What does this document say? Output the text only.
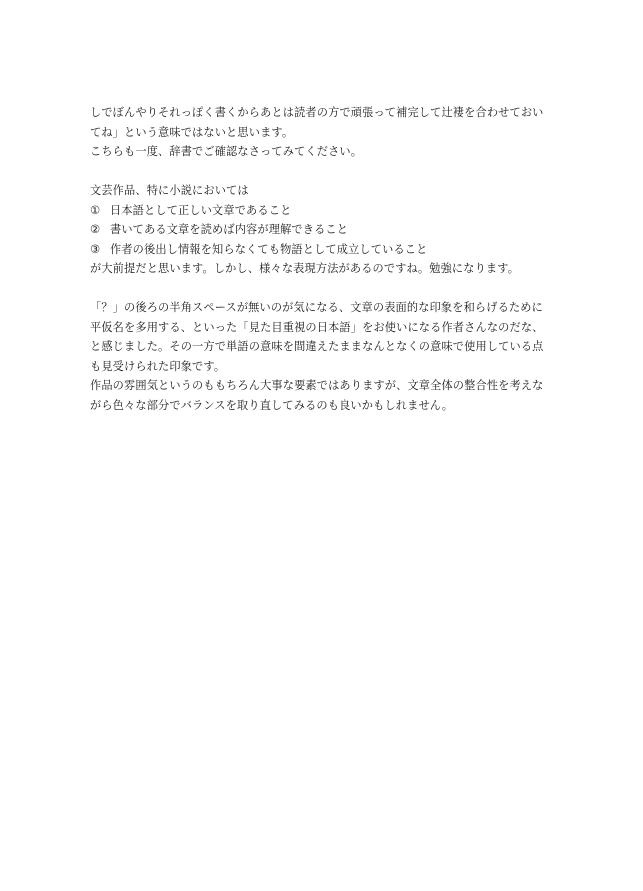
しでぼんやりそれっぽく書くからあとは読者の方で頑張って補完して辻褄を合わせておい
てね」という意味ではないと思います。
こちらも一度、辞書でご確認なさってみてください。
文芸作品、特に小説においては
① 日本語として正しい文章であること
② 書いてある文章を読めば内容が理解できること
③ 作者の後出し情報を知らなくても物語として成立していること
が大前提だと思います。しかし、様々な表現方法があるのですね。勉強になります。
「？」の後ろの半角スペースが無いのが気になる、文章の表面的な印象を和らげるために
平仮名を多用する、といった「見た目重視の日本語」をお使いになる作者さんなのだな、
と感じました。その一方で単語の意味を間違えたままなんとなくの意味で使用している点
も見受けられた印象です。
作品の雰囲気というのももちろん大事な要素ではありますが、文章全体の整合性を考えな
がら色々な部分でバランスを取り直してみるのも良いかもしれません。
